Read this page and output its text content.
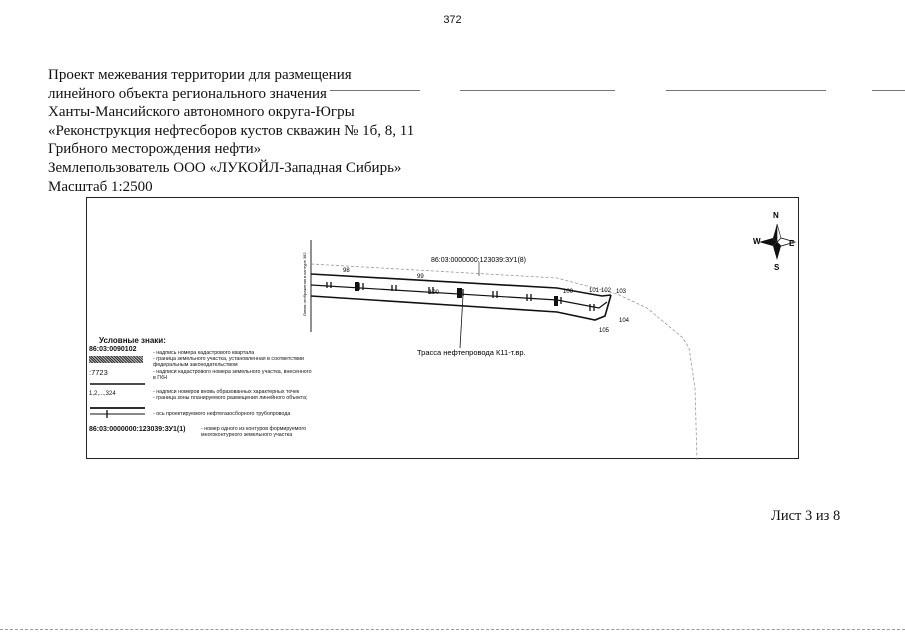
372
Проект межевания территории для размещения
линейного объекта регионального значения
Ханты-Мансийского автономного округа-Югры
«Реконструкция нефтесборов кустов скважин № 1б, 8, 11
Грибного месторождения нефти»
Землепользователь ООО «ЛУКОЙЛ-Западная Сибирь»
Масштаб 1:2500
98
99
100	100	101 102 103
104
105
86:03:0000000:123039:ЗУ1(8)
Трасса нефтепровода К11-т.вр.
Линия отображения в контуре 382
N
S
E
W
Условные знаки:
86:03:0090102
:7723
1,2,...,324
- надпись номера кадастрового квартала
- граница земельного участка, установленная в соответствии федеральным законодательством
- надписи кадастрового номера земельного участка, внесенного в ГКН
- надписи номеров вновь образованных характерных точек
- граница зоны планируемого размещения линейного объекта;
- ось проектируемого нефтегазосборного трубопровода
86:03:0000000:123039:ЗУ1(1)	- номер одного из контуров формируемого многоконтурного земельного участка
Лист 3 из 8
